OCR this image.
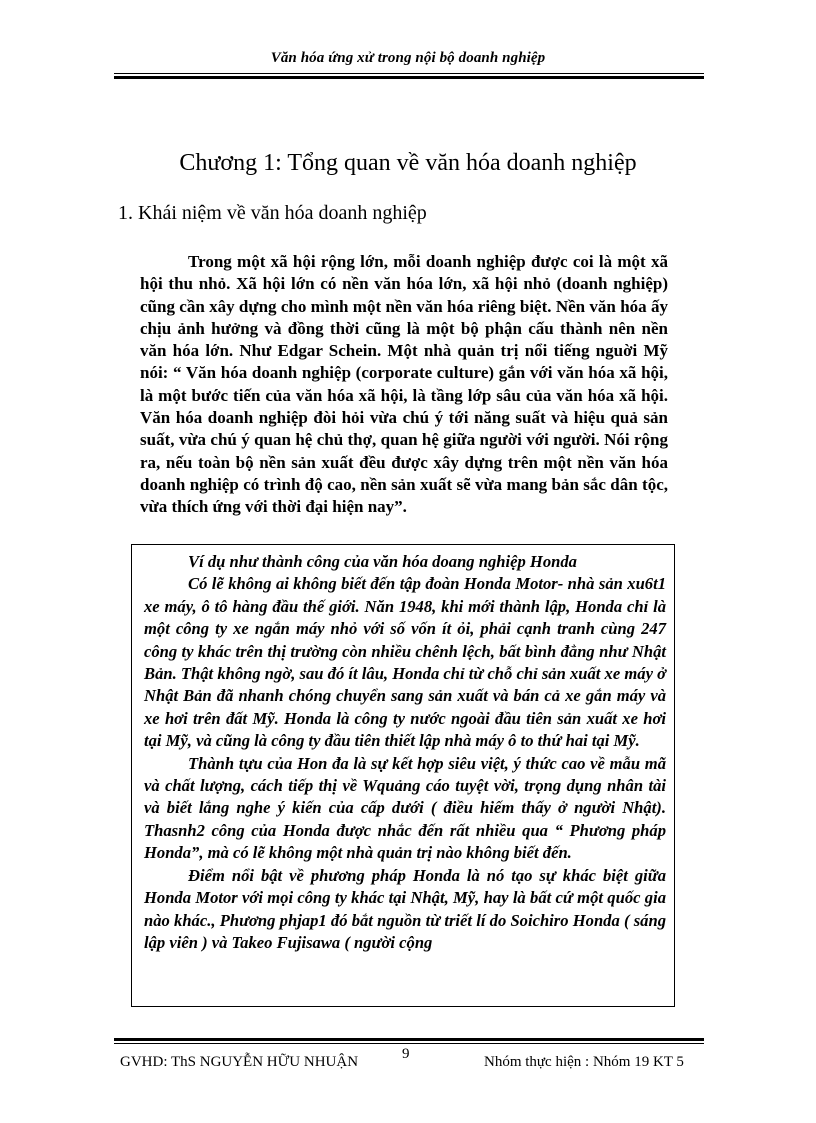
Văn hóa ứng xử trong nội bộ doanh nghiệp
Chương 1: Tổng quan về văn hóa doanh nghiệp
1. Khái niệm về văn hóa doanh nghiệp

Trong một xã hội rộng lớn, mỗi doanh nghiệp được coi là một xã hội thu nhỏ. Xã hội lớn có nền văn hóa lớn, xã hội nhỏ (doanh nghiệp) cũng cần xây dựng cho mình một nền văn hóa riêng biệt. Nền văn hóa ấy chịu ảnh hưởng và đồng thời cũng là một bộ phận cấu thành nên nền văn hóa lớn. Như Edgar Schein. Một nhà quản trị nổi tiếng nguời Mỹ nói: “ Văn hóa doanh nghiệp (corporate culture) gắn với văn hóa xã hội, là một bước tiến của văn hóa xã hội, là tầng lớp sâu của văn hóa xã hội. Văn hóa doanh nghiệp đòi hỏi vừa chú ý tới năng suất và hiệu quả sản suất, vừa chú ý quan hệ chủ thợ, quan hệ giữa người với người. Nói rộng ra, nếu toàn bộ nền sản xuất đều được xây dựng trên một nền văn hóa doanh nghiệp có trình độ cao, nền sản xuất sẽ vừa mang bản sắc dân tộc, vừa thích ứng với thời đại hiện nay”.

Ví dụ như thành công của văn hóa doang nghiệp Honda

Có lẽ không ai không biết đến tập đoàn Honda Motor- nhà sản xu6t1 xe máy, ô tô hàng đầu thế giới. Năn 1948, khi mới thành lập, Honda chỉ là một công ty xe ngắn máy nhỏ với số vốn ít ỏi, phải cạnh tranh cùng 247 công ty khác trên thị trường còn nhiều chênh lệch, bất bình đẳng như Nhật Bản. Thật không ngờ, sau đó ít lâu, Honda chỉ từ chỗ chỉ sản xuất xe máy ở Nhật Bản đã nhanh chóng chuyển sang sản xuất và bán cả xe gắn máy và xe hơi trên đất Mỹ. Honda là công ty nước ngoài đầu tiên sản xuất xe hơi tại Mỹ, và cũng là công ty đầu tiên thiết lập nhà máy ô to thứ hai tại Mỹ.

Thành tựu của Hon đa là sự kết hợp siêu việt, ý thức cao về mẫu mã và chất lượng, cách tiếp thị về Wquảng cáo tuyệt vời, trọng dụng nhân tài và biết lắng nghe ý kiến của cấp dưới ( điều hiếm thấy ở người Nhật). Thasnh2 công của Honda được nhắc đến rất nhiều qua “ Phương pháp Honda”, mà có lẽ không một nhà quản trị nào không biết đến.

Điểm nổi bật về phương pháp Honda là nó tạo sự khác biệt giữa Honda Motor với mọi công ty khác tại Nhật, Mỹ, hay là bất cứ một quốc gia nào khác., Phương phjap1 đó bắt nguồn từ triết lí do Soichiro Honda ( sáng lập viên ) và Takeo Fujisawa ( người cộng

GVHD: ThS NGUYỄN HỮU NHUẬN	9	Nhóm thực hiện : Nhóm 19 KT 5
